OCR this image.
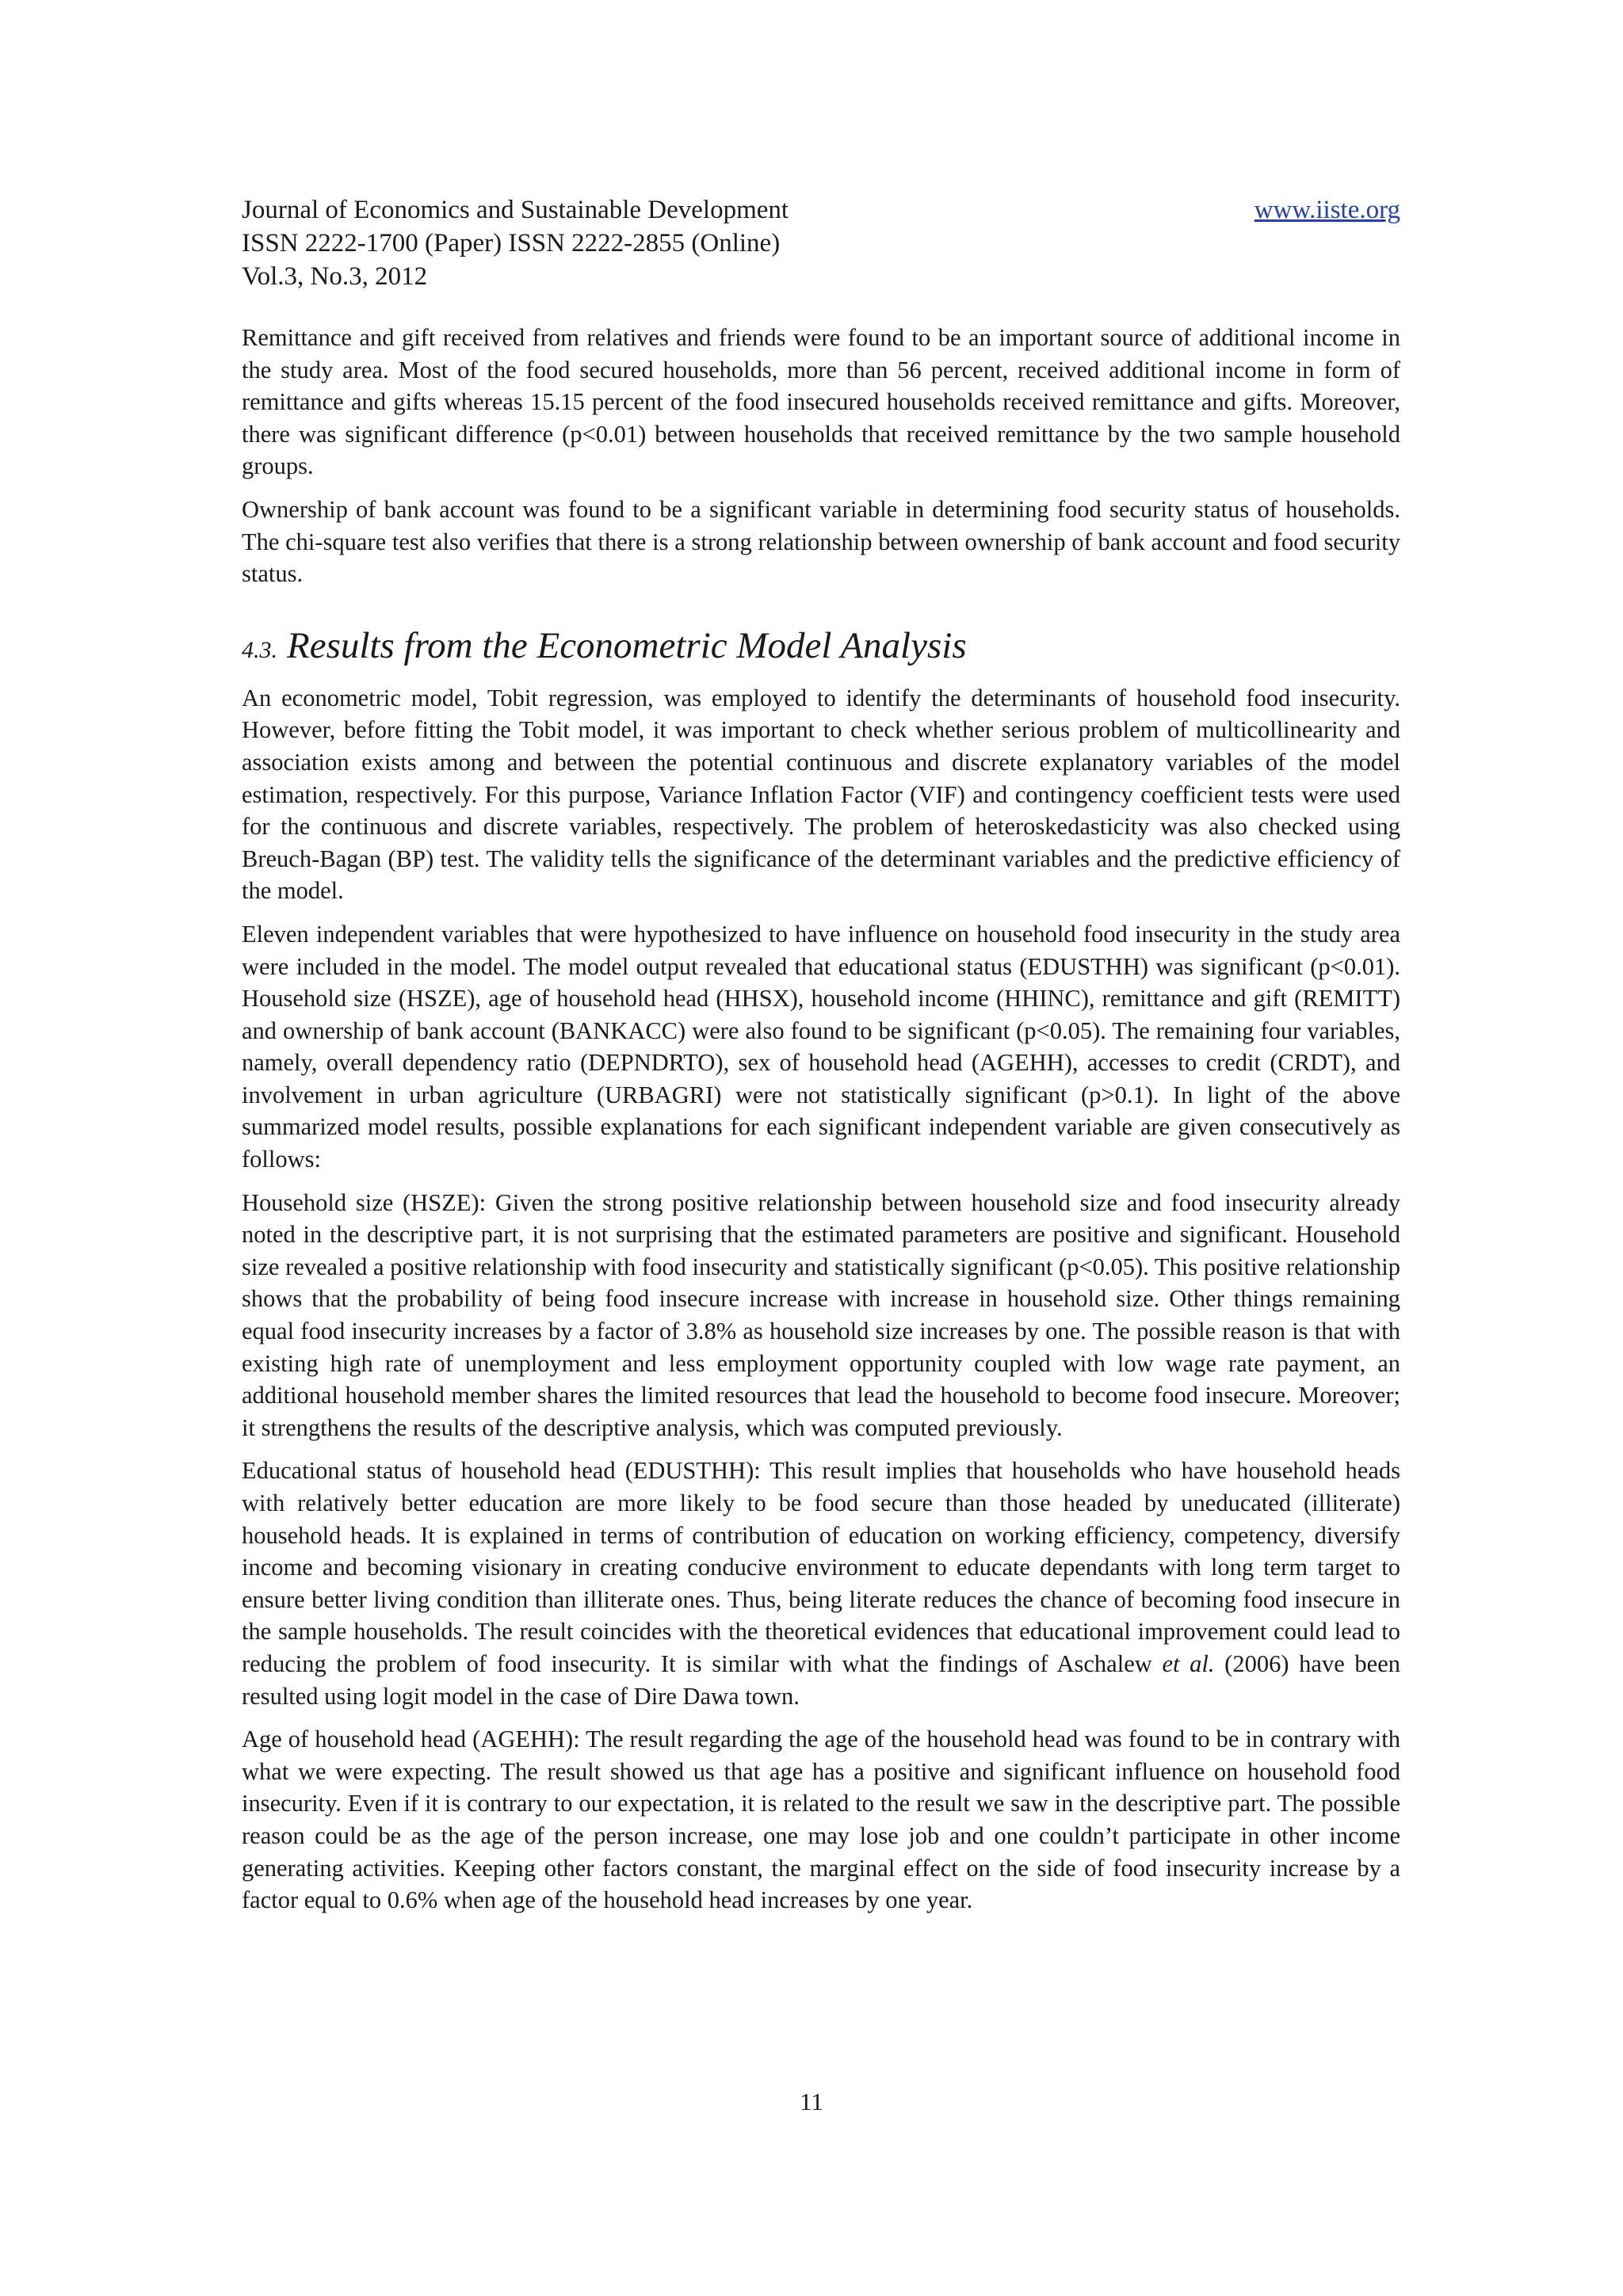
Journal of Economics and Sustainable Development	www.iiste.org
ISSN 2222-1700 (Paper) ISSN 2222-2855 (Online)
Vol.3, No.3, 2012

Remittance and gift received from relatives and friends were found to be an important source of additional income in the study area. Most of the food secured households, more than 56 percent, received additional income in form of remittance and gifts whereas 15.15 percent of the food insecured households received remittance and gifts. Moreover, there was significant difference (p<0.01) between households that received remittance by the two sample household groups.

Ownership of bank account was found to be a significant variable in determining food security status of households. The chi-square test also verifies that there is a strong relationship between ownership of bank account and food security status.

4.3. Results from the Econometric Model Analysis

An econometric model, Tobit regression, was employed to identify the determinants of household food insecurity. However, before fitting the Tobit model, it was important to check whether serious problem of multicollinearity and association exists among and between the potential continuous and discrete explanatory variables of the model estimation, respectively. For this purpose, Variance Inflation Factor (VIF) and contingency coefficient tests were used for the continuous and discrete variables, respectively. The problem of heteroskedasticity was also checked using Breuch-Bagan (BP) test. The validity tells the significance of the determinant variables and the predictive efficiency of the model.

Eleven independent variables that were hypothesized to have influence on household food insecurity in the study area were included in the model. The model output revealed that educational status (EDUSTHH) was significant (p<0.01). Household size (HSZE), age of household head (HHSX), household income (HHINC), remittance and gift (REMITT) and ownership of bank account (BANKACC) were also found to be significant (p<0.05). The remaining four variables, namely, overall dependency ratio (DEPNDRTO), sex of household head (AGEHH), accesses to credit (CRDT), and involvement in urban agriculture (URBAGRI) were not statistically significant (p>0.1). In light of the above summarized model results, possible explanations for each significant independent variable are given consecutively as follows:

Household size (HSZE): Given the strong positive relationship between household size and food insecurity already noted in the descriptive part, it is not surprising that the estimated parameters are positive and significant. Household size revealed a positive relationship with food insecurity and statistically significant (p<0.05). This positive relationship shows that the probability of being food insecure increase with increase in household size. Other things remaining equal food insecurity increases by a factor of 3.8% as household size increases by one. The possible reason is that with existing high rate of unemployment and less employment opportunity coupled with low wage rate payment, an additional household member shares the limited resources that lead the household to become food insecure. Moreover; it strengthens the results of the descriptive analysis, which was computed previously.

Educational status of household head (EDUSTHH): This result implies that households who have household heads with relatively better education are more likely to be food secure than those headed by uneducated (illiterate) household heads. It is explained in terms of contribution of education on working efficiency, competency, diversify income and becoming visionary in creating conducive environment to educate dependants with long term target to ensure better living condition than illiterate ones. Thus, being literate reduces the chance of becoming food insecure in the sample households. The result coincides with the theoretical evidences that educational improvement could lead to reducing the problem of food insecurity. It is similar with what the findings of Aschalew et al. (2006) have been resulted using logit model in the case of Dire Dawa town.

Age of household head (AGEHH): The result regarding the age of the household head was found to be in contrary with what we were expecting. The result showed us that age has a positive and significant influence on household food insecurity. Even if it is contrary to our expectation, it is related to the result we saw in the descriptive part. The possible reason could be as the age of the person increase, one may lose job and one couldn’t participate in other income generating activities. Keeping other factors constant, the marginal effect on the side of food insecurity increase by a factor equal to 0.6% when age of the household head increases by one year.

11
